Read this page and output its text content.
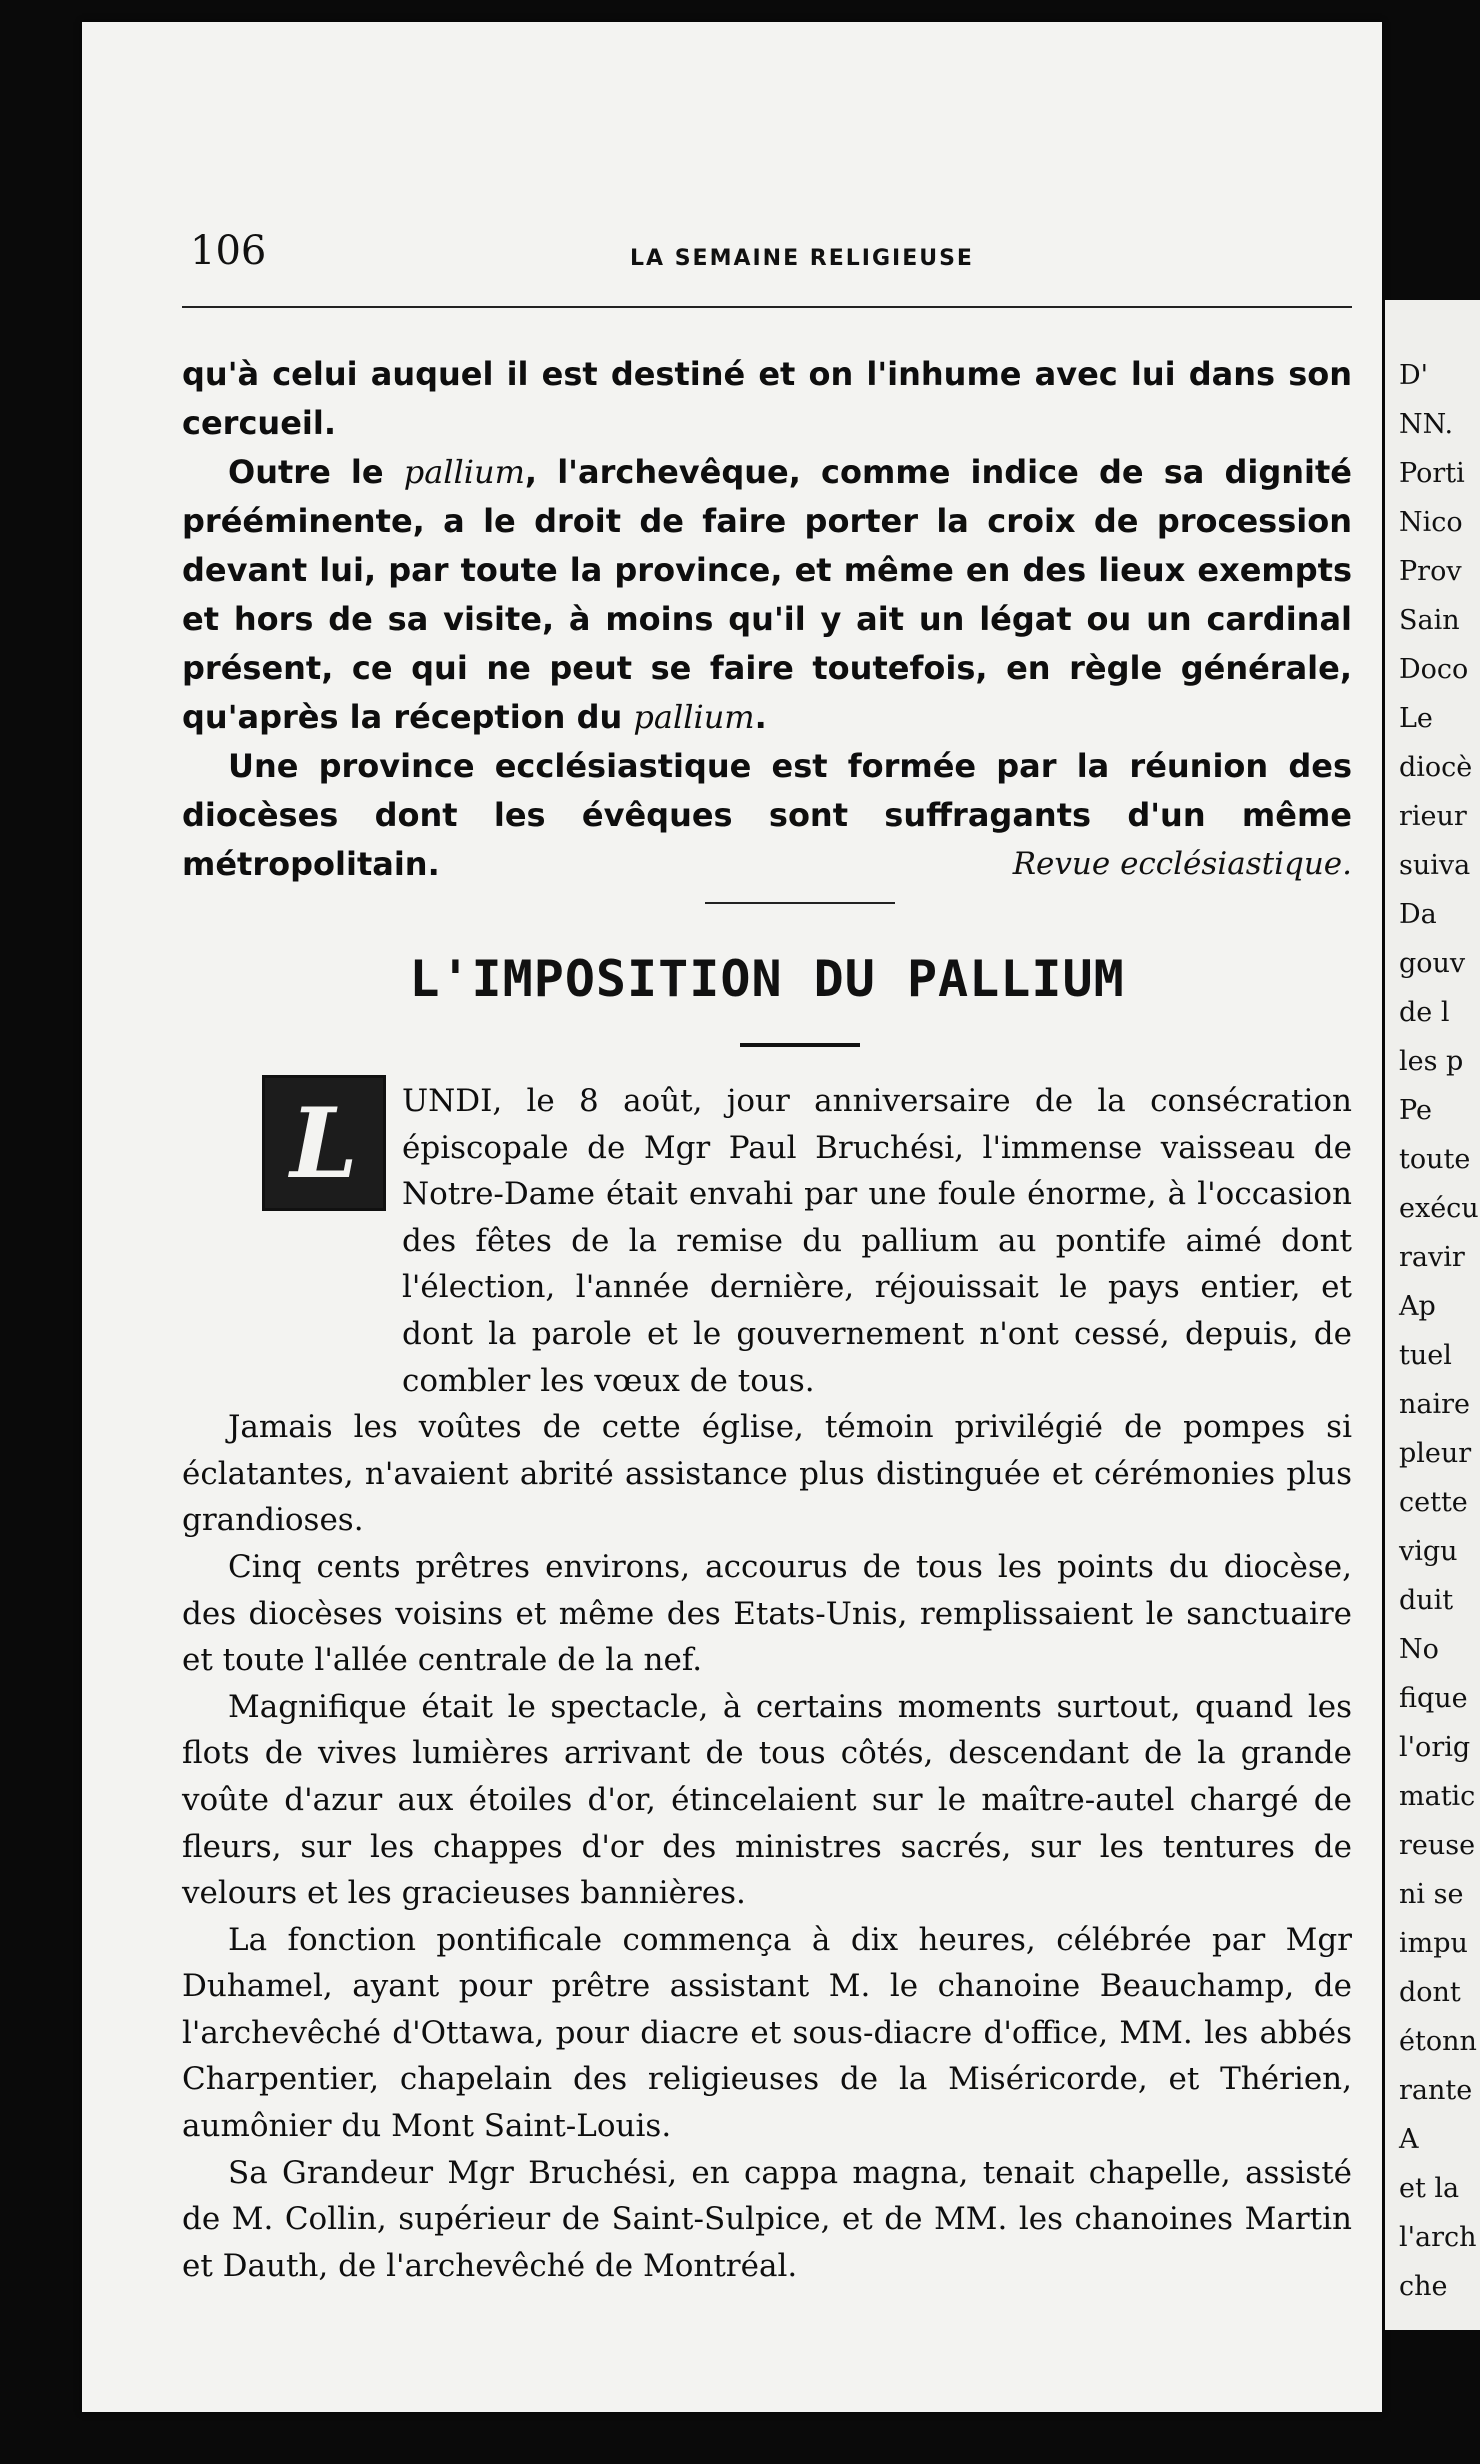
D'
NN.
Porti
Nico
Prov
Sain
Doco
Le
diocè
rieur
suiva
Da
gouv
de l
les p
Pe
toute
exécu
ravir
Ap
tuel
naire
pleur
cette
vigu
duit
No
fique
l'orig
matic
reuse
ni se
impu
dont
étonn
rante
A
et la
l'arch
che
106	LA SEMAINE RELIGIEUSE

qu'à celui auquel il est destiné et on l'inhume avec lui dans son cercueil.

Outre le pallium, l'archevêque, comme indice de sa dignité prééminente, a le droit de faire porter la croix de procession devant lui, par toute la province, et même en des lieux exempts et hors de sa visite, à moins qu'il y ait un légat ou un cardinal présent, ce qui ne peut se faire toutefois, en règle générale, qu'après la réception du pallium.

Une province ecclésiastique est formée par la réunion des diocèses dont les évêques sont suffragants d'un même métropolitain.	Revue ecclésiastique.
L'IMPOSITION DU PALLIUM
L	UNDI, le 8 août, jour anniversaire de la consécration épiscopale de Mgr Paul Bruchési, l'immense vaisseau de Notre-Dame était envahi par une foule énorme, à l'occasion des fêtes de la remise du pallium au pontife aimé dont l'élection, l'année dernière, réjouissait le pays entier, et dont la parole et le gouvernement n'ont cessé, depuis, de combler les vœux de tous.

Jamais les voûtes de cette église, témoin privilégié de pompes si éclatantes, n'avaient abrité assistance plus distinguée et cérémonies plus grandioses.

Cinq cents prêtres environs, accourus de tous les points du diocèse, des diocèses voisins et même des Etats-Unis, remplissaient le sanctuaire et toute l'allée centrale de la nef.

Magnifique était le spectacle, à certains moments surtout, quand les flots de vives lumières arrivant de tous côtés, descendant de la grande voûte d'azur aux étoiles d'or, étincelaient sur le maître-autel chargé de fleurs, sur les chappes d'or des ministres sacrés, sur les tentures de velours et les gracieuses bannières.

La fonction pontificale commença à dix heures, célébrée par Mgr Duhamel, ayant pour prêtre assistant M. le chanoine Beauchamp, de l'archevêché d'Ottawa, pour diacre et sous-diacre d'office, MM. les abbés Charpentier, chapelain des religieuses de la Miséricorde, et Thérien, aumônier du Mont Saint-Louis.

Sa Grandeur Mgr Bruchési, en cappa magna, tenait chapelle, assisté de M. Collin, supérieur de Saint-Sulpice, et de MM. les chanoines Martin et Dauth, de l'archevêché de Montréal.
